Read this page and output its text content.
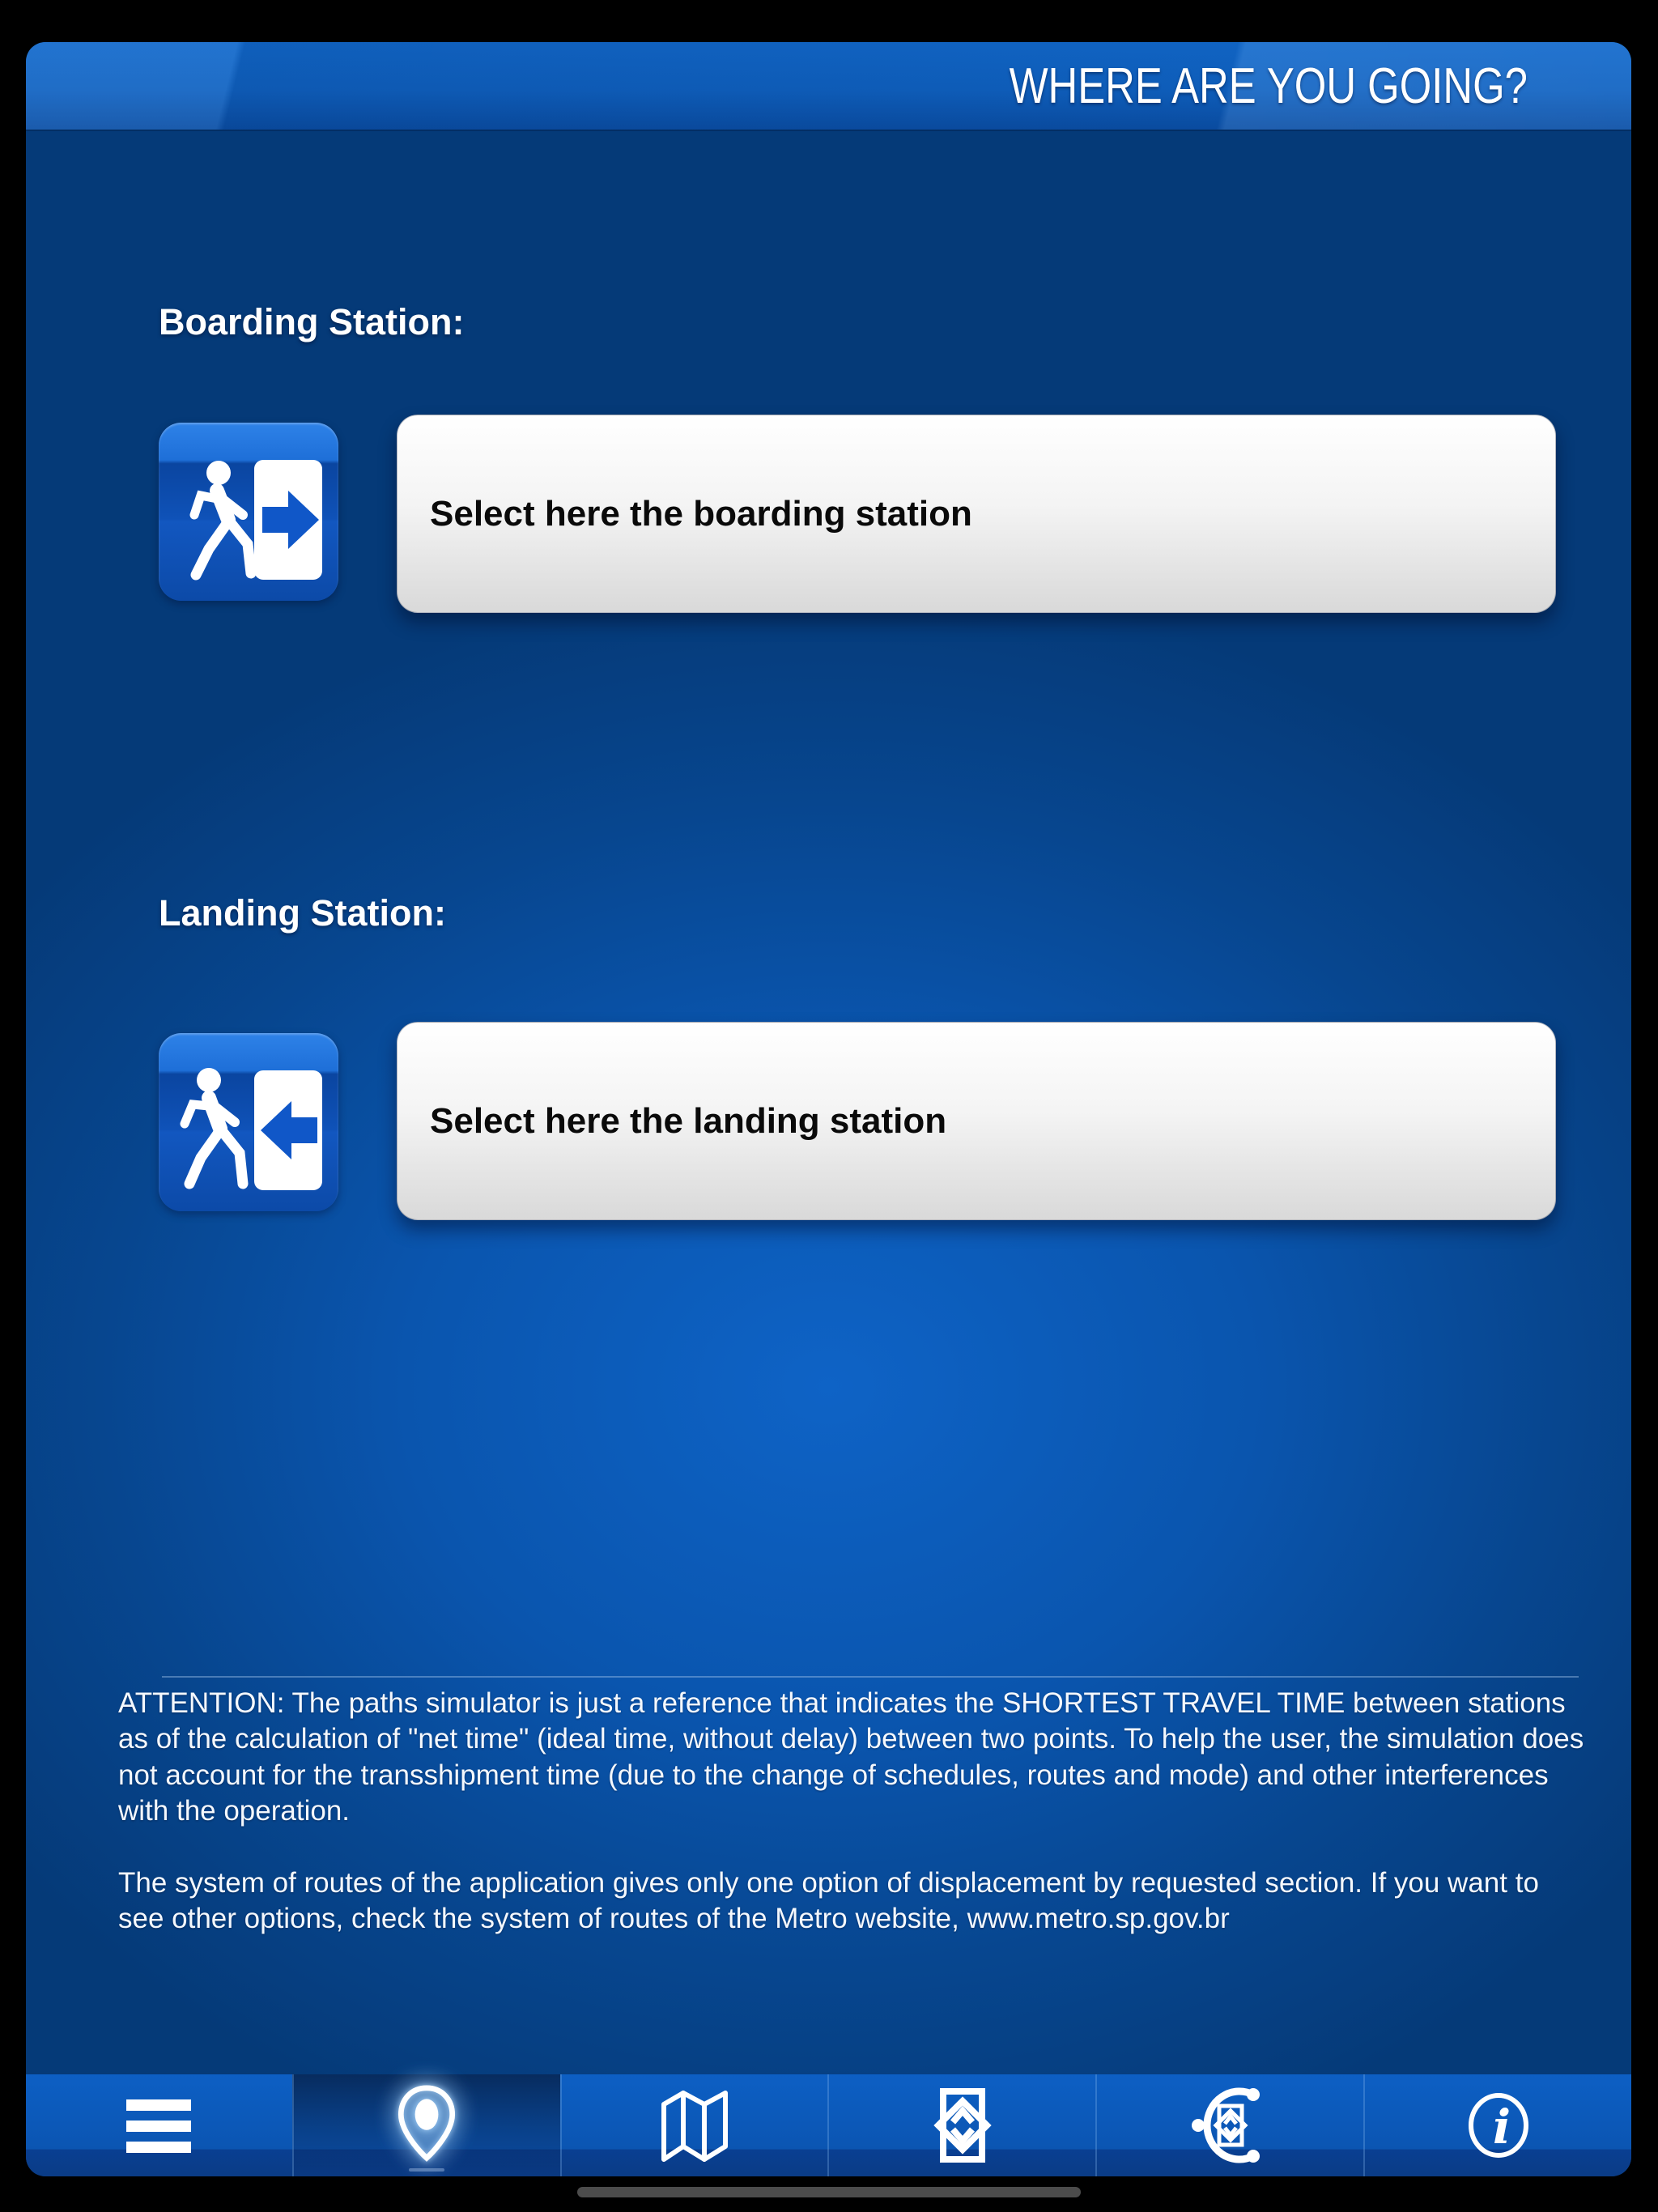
WHERE ARE YOU GOING?
Boarding Station:
Select here the boarding station
Landing Station:
Select here the landing station

ATTENTION: The paths simulator is just a reference that indicates the SHORTEST TRAVEL TIME between stations as of the calculation of "net time" (ideal time, without delay) between two points. To help the user, the simulation does not account for the transshipment time (due to the change of schedules, routes and mode) and other interferences with the operation.

The system of routes of the application gives only one option of displacement by requested section. If you want to see other options, check the system of routes of the Metro website, www.metro.sp.gov.br

i
